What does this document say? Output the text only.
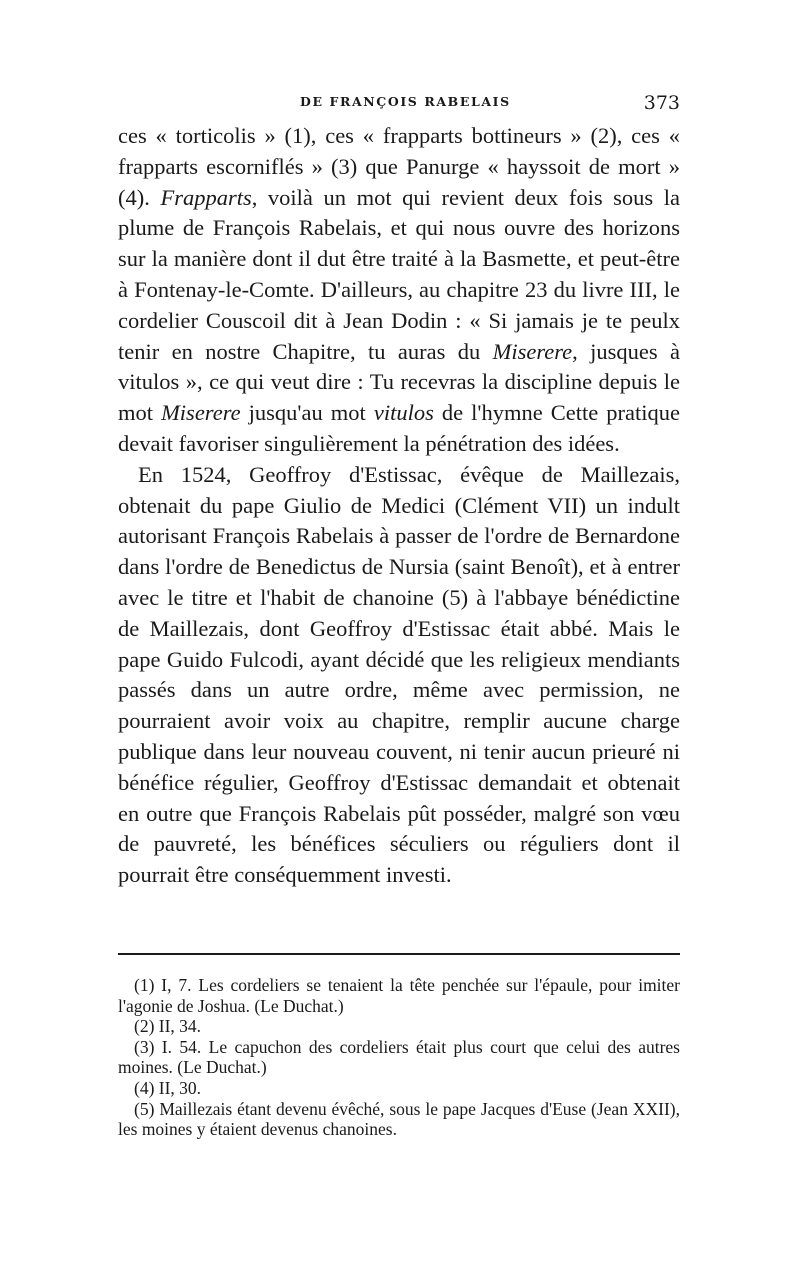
DE FRANÇOIS RABELAIS	373

ces « torticolis » (1), ces « frapparts bottineurs » (2), ces « frapparts escorniflés » (3) que Panurge « hayssoit de mort » (4). Frapparts, voilà un mot qui revient deux fois sous la plume de François Rabelais, et qui nous ouvre des horizons sur la manière dont il dut être traité à la Basmette, et peut-être à Fontenay-le-Comte. D'ailleurs, au chapitre 23 du livre III, le cordelier Couscoil dit à Jean Dodin : « Si jamais je te peulx tenir en nostre Chapitre, tu auras du Miserere, jusques à vitulos », ce qui veut dire : Tu recevras la discipline depuis le mot Miserere jusqu'au mot vitulos de l'hymne Cette pratique devait favoriser singulièrement la pénétration des idées.

En 1524, Geoffroy d'Estissac, évêque de Maillezais, obtenait du pape Giulio de Medici (Clément VII) un indult autorisant François Rabelais à passer de l'ordre de Bernardone dans l'ordre de Benedictus de Nursia (saint Benoît), et à entrer avec le titre et l'habit de chanoine (5) à l'abbaye bénédictine de Maillezais, dont Geoffroy d'Estissac était abbé. Mais le pape Guido Fulcodi, ayant décidé que les religieux mendiants passés dans un autre ordre, même avec permission, ne pourraient avoir voix au chapitre, remplir aucune charge publique dans leur nouveau couvent, ni tenir aucun prieuré ni bénéfice régulier, Geoffroy d'Estissac demandait et obtenait en outre que François Rabelais pût posséder, malgré son vœu de pauvreté, les bénéfices séculiers ou réguliers dont il pourrait être conséquemment investi.

(1) I, 7. Les cordeliers se tenaient la tête penchée sur l'épaule, pour imiter l'agonie de Joshua. (Le Duchat.)

(2) II, 34.

(3) I. 54. Le capuchon des cordeliers était plus court que celui des autres moines. (Le Duchat.)

(4) II, 30.

(5) Maillezais étant devenu évêché, sous le pape Jacques d'Euse (Jean XXII), les moines y étaient devenus chanoines.
